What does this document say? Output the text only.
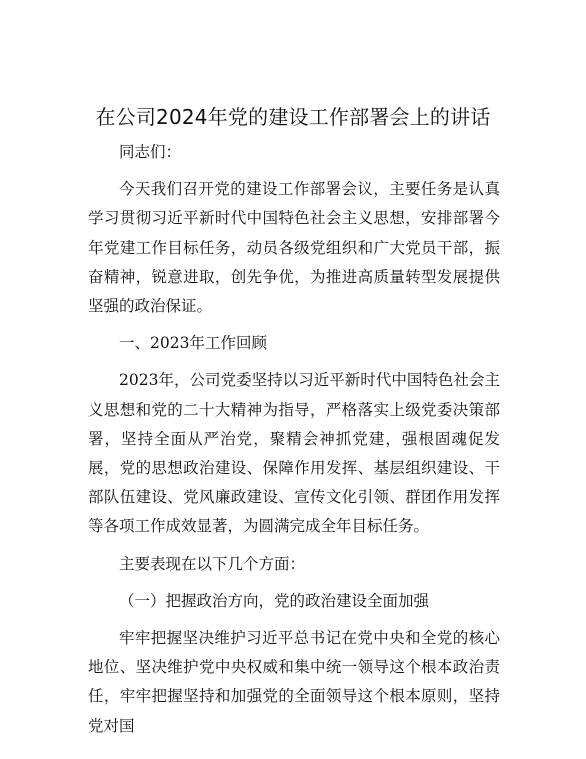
在公司2024年党的建设工作部署会上的讲话

同志们：

今天我们召开党的建设工作部署会议，主要任务是认真学习贯彻习近平新时代中国特色社会主义思想，安排部署今年党建工作目标任务，动员各级党组织和广大党员干部，振奋精神，锐意进取，创先争优，为推进高质量转型发展提供坚强的政治保证。

一、2023年工作回顾

2023年，公司党委坚持以习近平新时代中国特色社会主义思想和党的二十大精神为指导，严格落实上级党委决策部署，坚持全面从严治党，聚精会神抓党建，强根固魂促发展，党的思想政治建设、保障作用发挥、基层组织建设、干部队伍建设、党风廉政建设、宣传文化引领、群团作用发挥等各项工作成效显著，为圆满完成全年目标任务。

主要表现在以下几个方面：

（一）把握政治方向，党的政治建设全面加强

牢牢把握坚决维护习近平总书记在党中央和全党的核心地位、坚决维护党中央权威和集中统一领导这个根本政治责任，牢牢把握坚持和加强党的全面领导这个根本原则，坚持党对国
